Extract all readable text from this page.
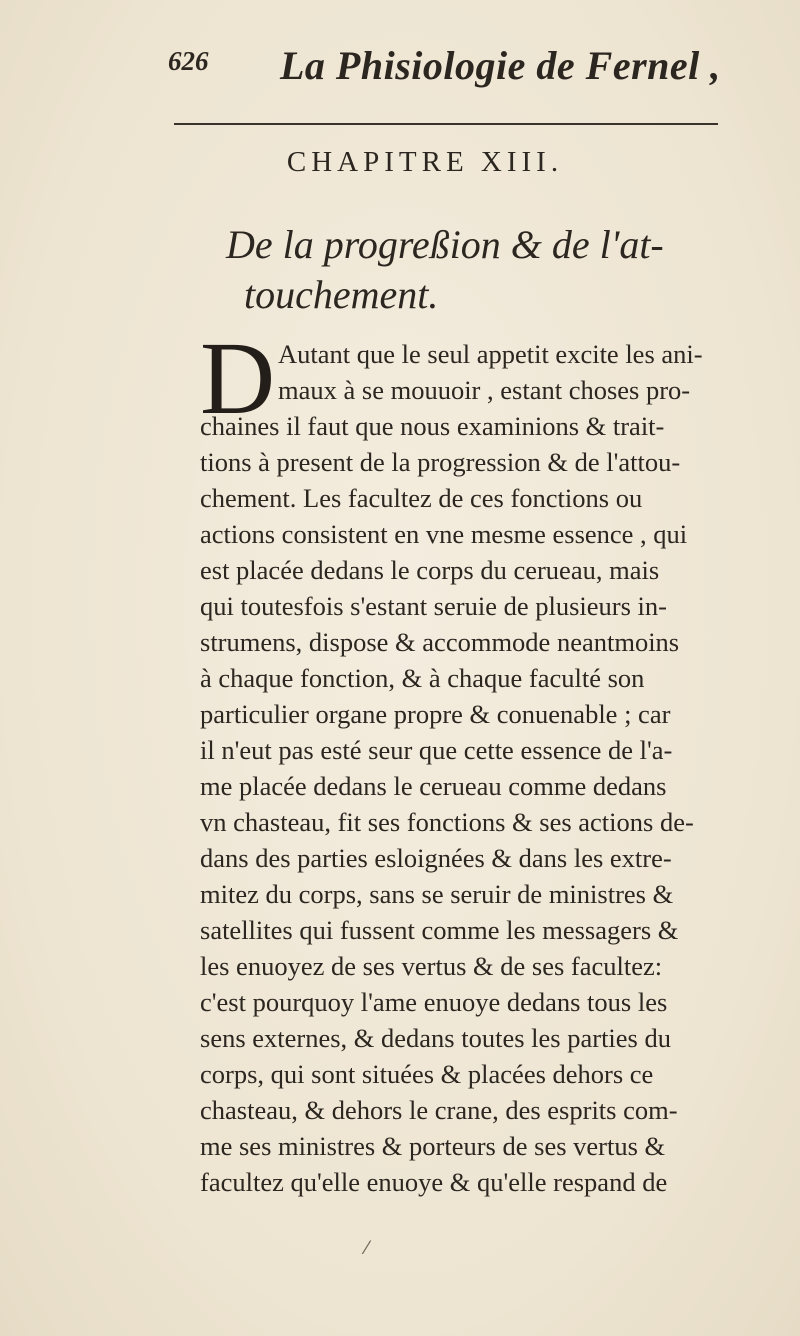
626 La Phisiologie de Fernel ,
CHAPITRE XIII.
De la progreßion & de l'at-
touchement.
D Autant que le seul appetit excite les ani-
maux à se mouuoir , estant choses pro-
chaines il faut que nous examinions & trait-
tions à present de la progression & de l'attou-
chement. Les facultez de ces fonctions ou
actions consistent en vne mesme essence , qui
est placée dedans le corps du cerueau, mais
qui toutesfois s'estant seruie de plusieurs in-
strumens, dispose & accommode neantmoins
à chaque fonction, & à chaque faculté son
particulier organe propre & conuenable ; car
il n'eut pas esté seur que cette essence de l'a-
me placée dedans le cerueau comme dedans
vn chasteau, fit ses fonctions & ses actions de-
dans des parties esloignées & dans les extre-
mitez du corps, sans se seruir de ministres &
satellites qui fussent comme les messagers &
les enuoyez de ses vertus & de ses facultez:
c'est pourquoy l'ame enuoye dedans tous les
sens externes, & dedans toutes les parties du
corps, qui sont situées & placées dehors ce
chasteau, & dehors le crane, des esprits com-
me ses ministres & porteurs de ses vertus &
facultez qu'elle enuoye & qu'elle respand de
⁄
